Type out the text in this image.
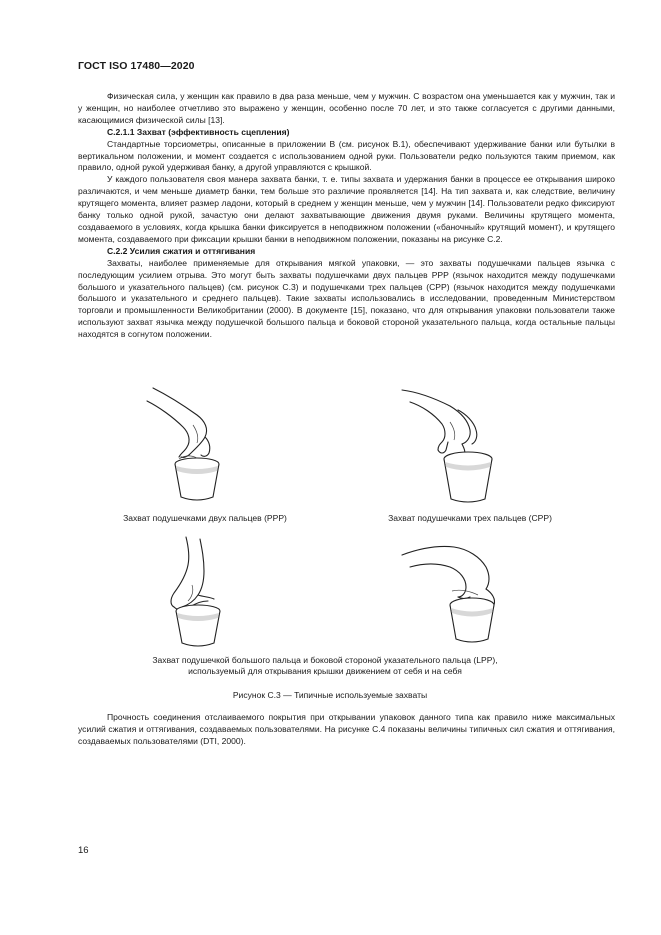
ГОСТ ISO 17480—2020

Физическая сила, у женщин как правило в два раза меньше, чем у мужчин. С возрастом она уменьшается как у мужчин, так и у женщин, но наиболее отчетливо это выражено у женщин, особенно после 70 лет, и это также согласуется с другими данными, касающимися физической силы [13].

C.2.1.1 Захват (эффективность сцепления)

Стандартные торсиометры, описанные в приложении В (см. рисунок В.1), обеспечивают удерживание банки или бутылки в вертикальном положении, и момент создается с использованием одной руки. Пользователи редко пользуются таким приемом, как правило, одной рукой удерживая банку, а другой управляются с крышкой.

У каждого пользователя своя манера захвата банки, т. е. типы захвата и удержания банки в процессе ее открывания широко различаются, и чем меньше диаметр банки, тем больше это различие проявляется [14]. На тип захвата и, как следствие, величину крутящего момента, влияет размер ладони, который в среднем у женщин меньше, чем у мужчин [14]. Пользователи редко фиксируют банку только одной рукой, зачастую они делают захватывающие движения двумя руками. Величины крутящего момента, создаваемого в условиях, когда крышка банки фиксируется в неподвижном положении («баночный» крутящий момент), и крутящего момента, создаваемого при фиксации крышки банки в неподвижном положении, показаны на рисунке С.2.

C.2.2 Усилия сжатия и оттягивания

Захваты, наиболее применяемые для открывания мягкой упаковки, — это захваты подушечками пальцев язычка с последующим усилием отрыва. Это могут быть захваты подушечками двух пальцев PPP (язычок находится между подушечками большого и указательного пальцев) (см. рисунок С.3) и подушечками трех пальцев (CPP) (язычок находится между подушечками большого и указательного и среднего пальцев). Такие захваты использовались в исследовании, проведенным Министерством торговли и промышленности Великобритании (2000). В документе [15], показано, что для открывания упаковки пользователи также используют захват язычка между подушечкой большого пальца и боковой стороной указательного пальца, когда остальные пальцы находятся в согнутом положении.

Захват подушечками двух пальцев (PPP)	Захват подушечками трех пальцев (CPP)
Захват подушечкой большого пальца и боковой стороной указательного пальца (LPP),
используемый для открывания крышки движением от себя и на себя
Рисунок С.3 — Типичные используемые захваты

Прочность соединения отслаиваемого покрытия при открывании упаковок данного типа как правило ниже максимальных усилий сжатия и оттягивания, создаваемых пользователями. На рисунке С.4 показаны величины типичных сил сжатия и оттягивания, создаваемых пользователями (DTI, 2000).

16
